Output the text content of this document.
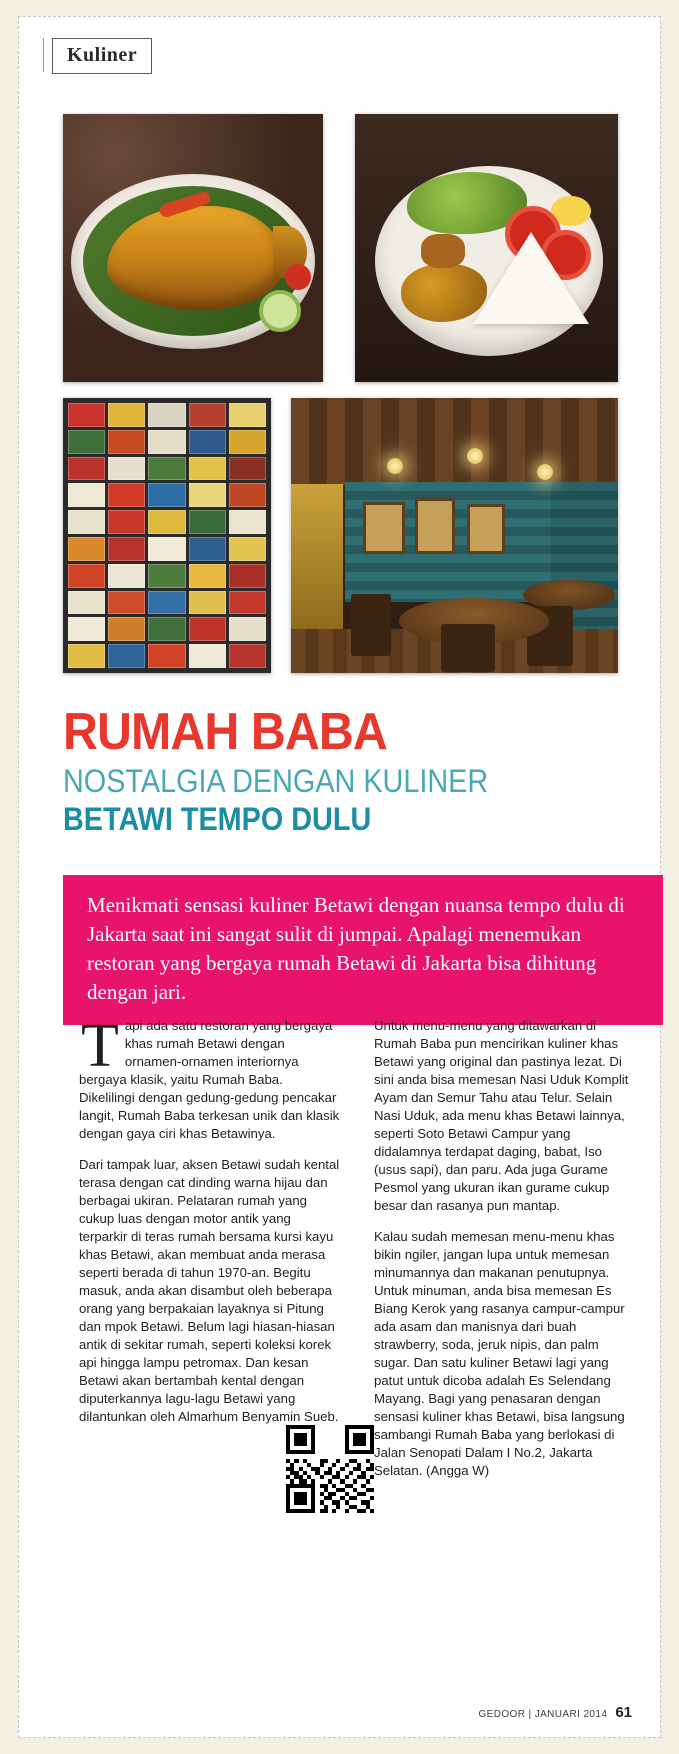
Kuliner
RUMAH BABA
NOSTALGIA DENGAN KULINER
BETAWI TEMPO DULU

Menikmati sensasi kuliner Betawi dengan nuansa tempo dulu di Jakarta saat ini sangat sulit di jumpai. Apalagi menemukan restoran yang bergaya rumah Betawi di Jakarta bisa dihitung dengan jari.

T api ada satu restoran yang bergaya khas rumah Betawi dengan ornamen-ornamen interiornya bergaya klasik, yaitu Rumah Baba. Dikelilingi dengan gedung-gedung pencakar langit, Rumah Baba terkesan unik dan klasik dengan gaya ciri khas Betawinya.

Dari tampak luar, aksen Betawi sudah kental terasa dengan cat dinding warna hijau dan berbagai ukiran. Pelataran rumah yang cukup luas dengan motor antik yang terparkir di teras rumah bersama kursi kayu khas Betawi, akan membuat anda merasa seperti berada di tahun 1970-an. Begitu masuk, anda akan disambut oleh beberapa orang yang berpakaian layaknya si Pitung dan mpok Betawi. Belum lagi hiasan-hiasan antik di sekitar rumah, seperti koleksi korek api hingga lampu petromax. Dan kesan Betawi akan bertambah kental dengan diputerkannya lagu-lagu Betawi yang dilantunkan oleh Almarhum Benyamin Sueb.

Untuk menu-menu yang ditawarkan di Rumah Baba pun mencirikan kuliner khas Betawi yang original dan pastinya lezat. Di sini anda bisa memesan Nasi Uduk Komplit Ayam dan Semur Tahu atau Telur. Selain Nasi Uduk, ada menu khas Betawi lainnya, seperti Soto Betawi Campur yang didalamnya terdapat daging, babat, Iso (usus sapi), dan paru. Ada juga Gurame Pesmol yang ukuran ikan gurame cukup besar dan rasanya pun mantap.

Kalau sudah memesan menu-menu khas bikin ngiler, jangan lupa untuk memesan minumannya dan makanan penutupnya. Untuk minuman, anda bisa memesan Es Biang Kerok yang rasanya campur-campur ada asam dan manisnya dari buah strawberry, soda, jeruk nipis, dan palm sugar. Dan satu kuliner Betawi lagi yang patut untuk dicoba adalah Es Selendang Mayang. Bagi yang penasaran dengan sensasi kuliner khas Betawi, bisa langsung sambangi Rumah Baba yang berlokasi di Jalan Senopati Dalam I No.2, Jakarta Selatan. (Angga W)

GEDOOR | JANUARI 2014 61
